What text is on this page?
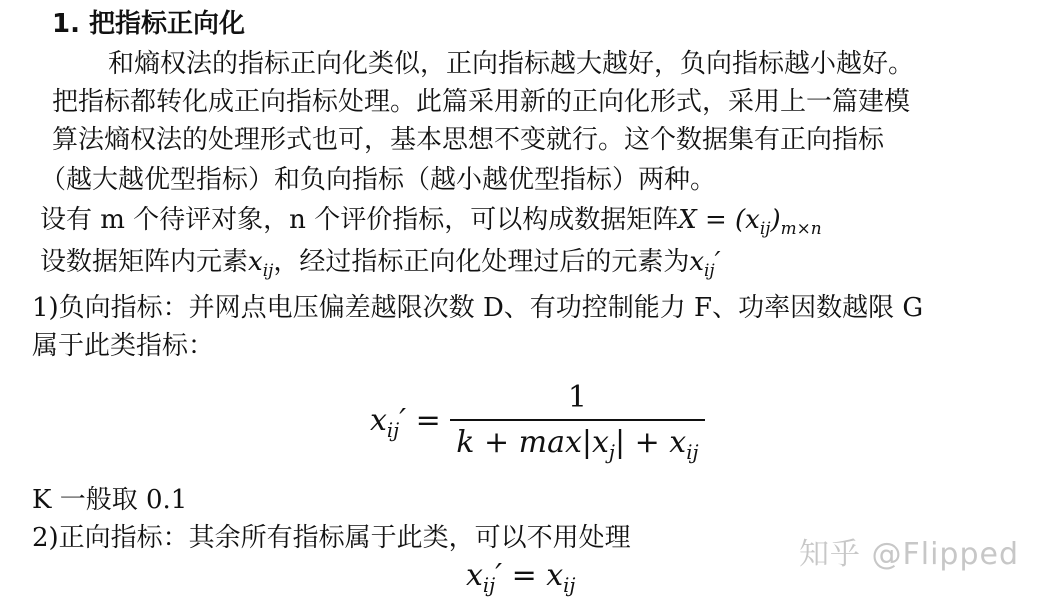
1. 把指标正向化
和熵权法的指标正向化类似，正向指标越大越好，负向指标越小越好。
把指标都转化成正向指标处理。此篇采用新的正向化形式，采用上一篇建模
算法熵权法的处理形式也可，基本思想不变就行。这个数据集有正向指标
（越大越优型指标）和负向指标（越小越优型指标）两种。
设有 m 个待评对象，n 个评价指标，可以构成数据矩阵$X = (x_{ij})_{m\times n}$
设数据矩阵内元素$x_{ij}$，经过指标正向化处理过后的元素为$x_{ij}'$
1)负向指标：并网点电压偏差越限次数 D、有功控制能力 F、功率因数越限 G
属于此类指标：
$x_{ij}' = \frac{1}{k + \max|x_j| + x_{ij}}$
K 一般取 0.1
2)正向指标：其余所有指标属于此类，可以不用处理
$x_{ij}' = x_{ij}$
知乎 @Flipped
